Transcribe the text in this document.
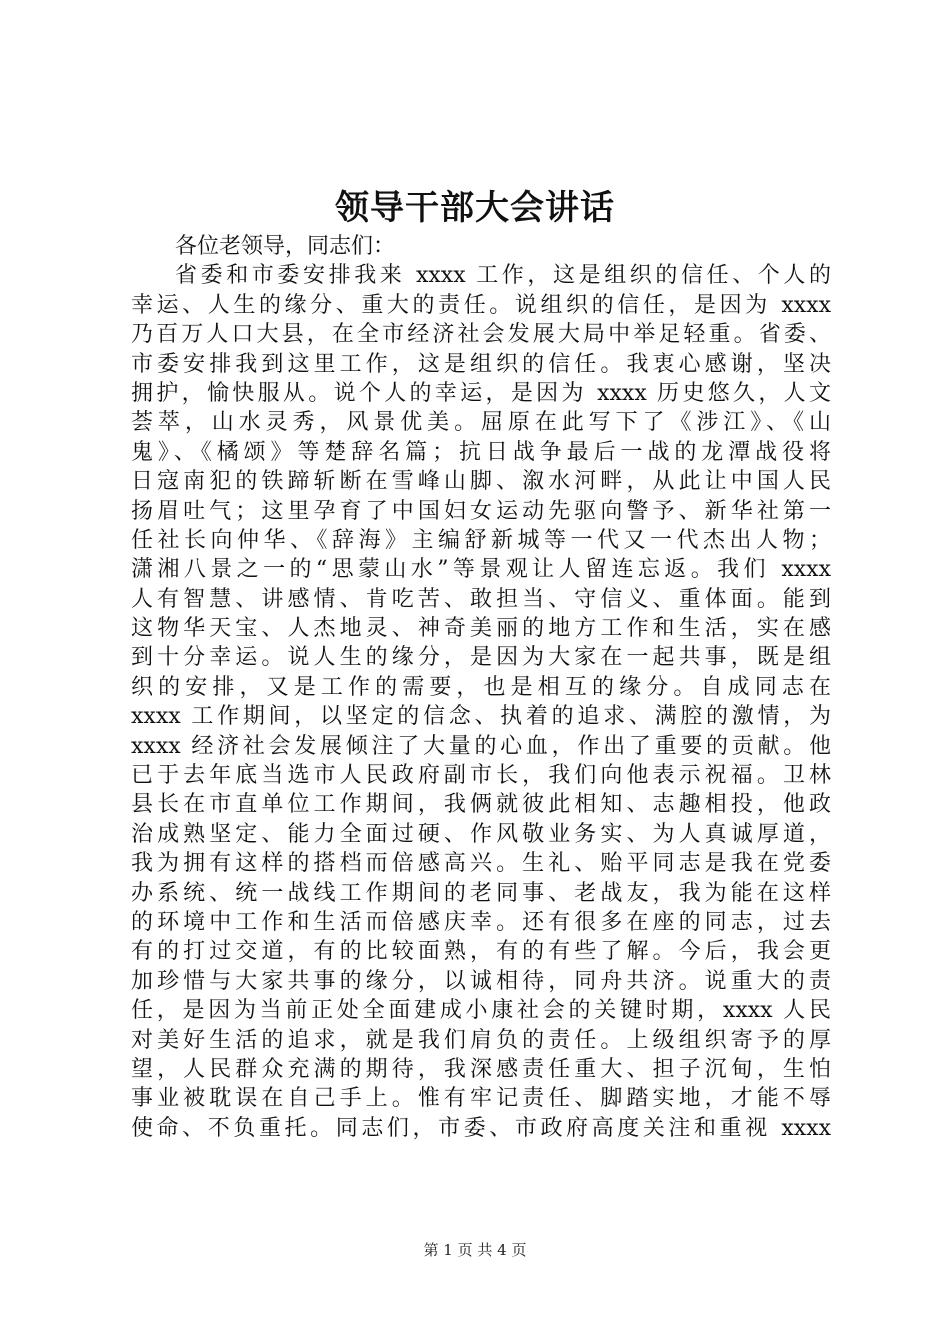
领导干部大会讲话
各位老领导，同志们：
省委和市委安排我来 xxxx 工作，这是组织的信任、个人的
幸运、人生的缘分、重大的责任。说组织的信任，是因为 xxxx
乃百万人口大县，在全市经济社会发展大局中举足轻重。省委、
市委安排我到这里工作，这是组织的信任。我衷心感谢，坚决
拥护，愉快服从。说个人的幸运，是因为 xxxx 历史悠久，人文
荟萃，山水灵秀，风景优美。屈原在此写下了《涉江》、《山
鬼》、《橘颂》等楚辞名篇；抗日战争最后一战的龙潭战役将
日寇南犯的铁蹄斩断在雪峰山脚、溆水河畔，从此让中国人民
扬眉吐气；这里孕育了中国妇女运动先驱向警予、新华社第一
任社长向仲华、《辞海》主编舒新城等一代又一代杰出人物；
潇湘八景之一的“思蒙山水”等景观让人留连忘返。我们 xxxx
人有智慧、讲感情、肯吃苦、敢担当、守信义、重体面。能到
这物华天宝、人杰地灵、神奇美丽的地方工作和生活，实在感
到十分幸运。说人生的缘分，是因为大家在一起共事，既是组
织的安排，又是工作的需要，也是相互的缘分。自成同志在
xxxx 工作期间，以坚定的信念、执着的追求、满腔的激情，为
xxxx 经济社会发展倾注了大量的心血，作出了重要的贡献。他
已于去年底当选市人民政府副市长，我们向他表示祝福。卫林
县长在市直单位工作期间，我俩就彼此相知、志趣相投，他政
治成熟坚定、能力全面过硬、作风敬业务实、为人真诚厚道，
我为拥有这样的搭档而倍感高兴。生礼、贻平同志是我在党委
办系统、统一战线工作期间的老同事、老战友，我为能在这样
的环境中工作和生活而倍感庆幸。还有很多在座的同志，过去
有的打过交道，有的比较面熟，有的有些了解。今后，我会更
加珍惜与大家共事的缘分，以诚相待，同舟共济。说重大的责
任，是因为当前正处全面建成小康社会的关键时期，xxxx 人民
对美好生活的追求，就是我们肩负的责任。上级组织寄予的厚
望，人民群众充满的期待，我深感责任重大、担子沉甸，生怕
事业被耽误在自己手上。惟有牢记责任、脚踏实地，才能不辱
使命、不负重托。同志们，市委、市政府高度关注和重视 xxxx
第 1 页 共 4 页
